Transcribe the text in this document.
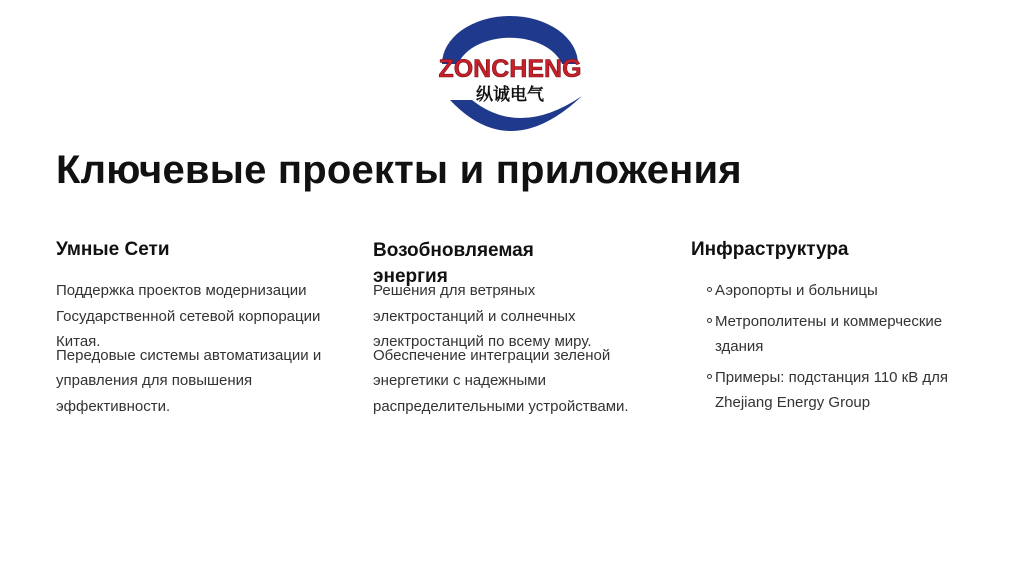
ZONCHENG
纵诚电气
Ключевые проекты и приложения
Умные Сети

Поддержка проектов модернизации Государственной сетевой корпорации Китая.

Передовые системы автоматизации и управления для повышения эффективности.

Возобновляемая энергия

Решения для ветряных электростанций и солнечных электростанций по всему миру.

Обеспечение интеграции зеленой энергетики с надежными распределительными устройствами.

Инфраструктура
Аэропорты и больницы
Метрополитены и коммерческие здания
Примеры: подстанция 110 кВ для Zhejiang Energy Group
